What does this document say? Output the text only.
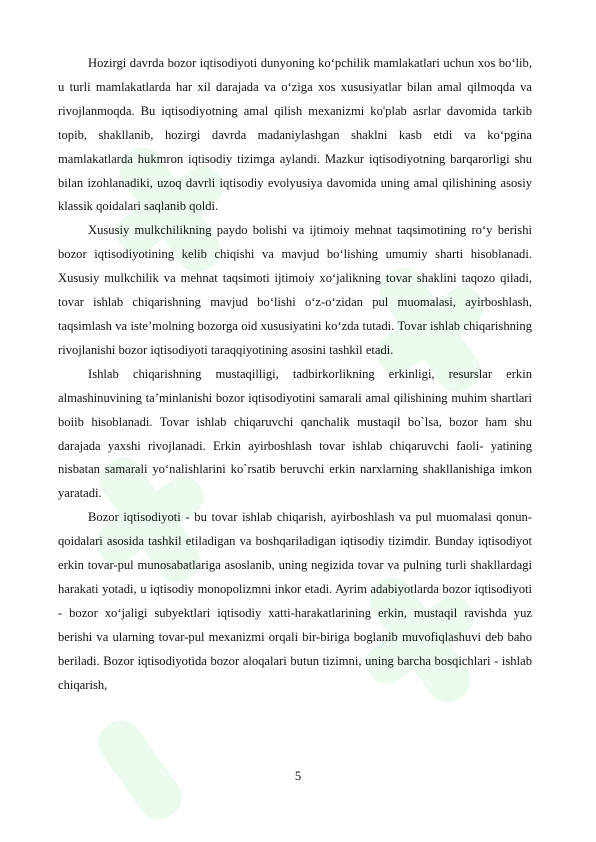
Hozirgi davrda bozor iqtisodiyoti dunyoning ko‘pchilik mamlakatlari uchun xos bo‘lib, u turli mamlakatlarda har xil darajada va o‘ziga xos xususiyatlar bilan amal qilmoqda va rivojlanmoqda. Bu iqtisodiyotning amal qilish mexanizmi ko'plab asrlar davomida tarkib topib, shakllanib, hozirgi davrda madaniylashgan shaklni kasb etdi va ko‘pgina mamlakatlarda hukmron iqtisodiy tizimga aylandi. Mazkur iqtisodiyotning barqarorligi shu bilan izohlanadiki, uzoq davrli iqtisodiy evolyusiya davomida uning amal qilishining asosiy klassik qoidalari saqlanib qoldi.

Xususiy mulkchilikning paydo bolishi va ijtimoiy mehnat taqsimotining ro‘y berishi bozor iqtisodiyotining kelib chiqishi va mavjud bo‘lishing umumiy sharti hisoblanadi. Xususiy mulkchilik va mehnat taqsimoti ijtimoiy xo‘jalikning tovar shaklini taqozo qiladi, tovar ishlab chiqarishning mavjud bo‘lishi o‘z-o‘zidan pul muomalasi, ayirboshlash, taqsimlash va iste’molning bozorga oid xususiyatini ko‘zda tutadi. Tovar ishlab chiqarishning rivojlanishi bozor iqtisodiyoti taraqqiyotining asosini tashkil etadi.

Ishlab chiqarishning mustaqilligi, tadbirkorlikning erkinligi, resurslar erkin almashinuvining ta’minlanishi bozor iqtisodiyotini samarali amal qilishining muhim shartlari boiib hisoblanadi. Tovar ishlab chiqaruvchi qanchalik mustaqil bo`lsa, bozor ham shu darajada yaxshi rivojlanadi. Erkin ayirboshlash tovar ishlab chiqaruvchi faoli- yatining nisbatan samarali yo‘nalishlarini ko`rsatib beruvchi erkin narxlarning shakllanishiga imkon yaratadi.

Bozor iqtisodiyoti - bu tovar ishlab chiqarish, ayirboshlash va pul muomalasi qonun-qoidalari asosida tashkil etiladigan va boshqariladigan iqtisodiy tizimdir. Bunday iqtisodiyot erkin tovar-pul munosabatlariga asoslanib, uning negizida tovar va pulning turli shakllardagi harakati yotadi, u iqtisodiy monopolizmni inkor etadi. Ayrim adabiyotlarda bozor iqtisodiyoti - bozor xo‘jaligi subyektlari iqtisodiy xatti-harakatlarining erkin, mustaqil ravishda yuz berishi va ularning tovar-pul mexanizmi orqali bir-biriga boglanib muvofiqlashuvi deb baho beriladi. Bozor iqtisodiyotida bozor aloqalari butun tizimni, uning barcha bosqichlari - ishlab chiqarish,

5
